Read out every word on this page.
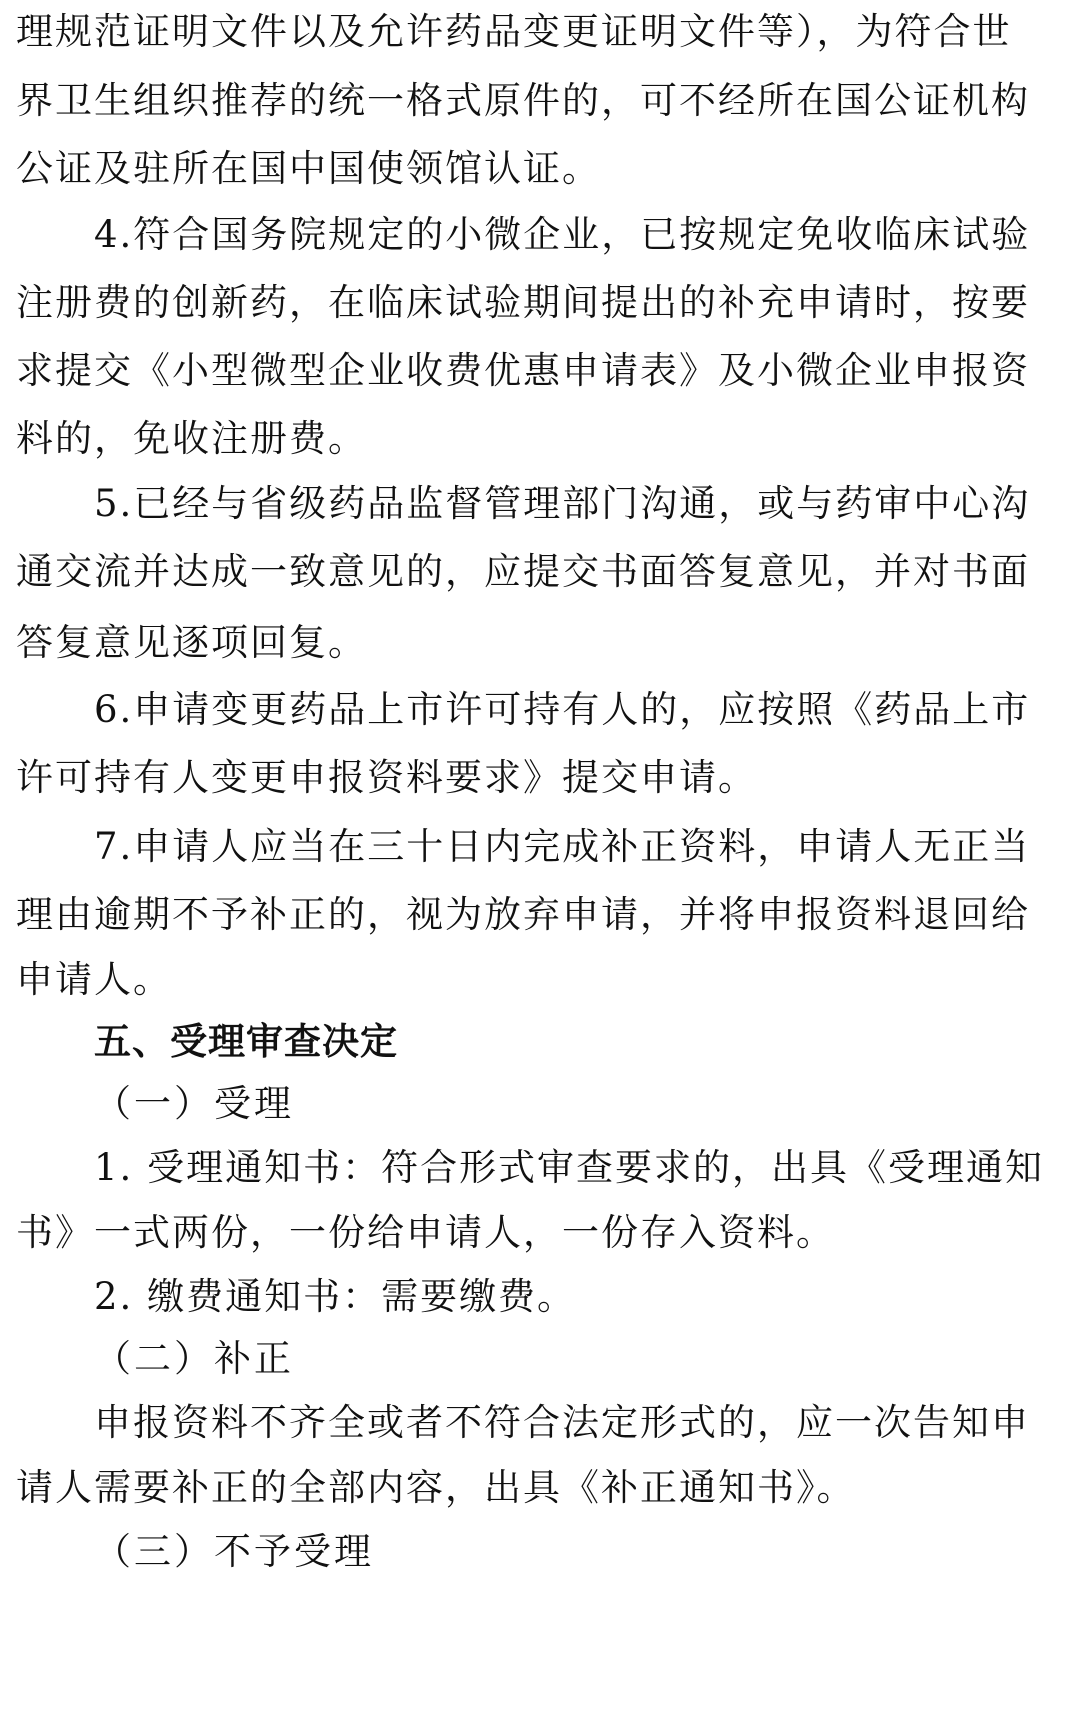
理规范证明文件以及允许药品变更证明文件等），为符合世
界卫生组织推荐的统一格式原件的，可不经所在国公证机构
公证及驻所在国中国使领馆认证。
4.符合国务院规定的小微企业，已按规定免收临床试验
注册费的创新药，在临床试验期间提出的补充申请时，按要
求提交《小型微型企业收费优惠申请表》及小微企业申报资
料的，免收注册费。
5.已经与省级药品监督管理部门沟通，或与药审中心沟
通交流并达成一致意见的，应提交书面答复意见，并对书面
答复意见逐项回复。
6.申请变更药品上市许可持有人的，应按照《药品上市
许可持有人变更申报资料要求》提交申请。
7.申请人应当在三十日内完成补正资料，申请人无正当
理由逾期不予补正的，视为放弃申请，并将申报资料退回给
申请人。
五、受理审查决定
（一）受理
1. 受理通知书：符合形式审查要求的，出具《受理通知
书》一式两份，一份给申请人，一份存入资料。
2. 缴费通知书：需要缴费。
（二）补正
申报资料不齐全或者不符合法定形式的，应一次告知申
请人需要补正的全部内容，出具《补正通知书》。
（三）不予受理
